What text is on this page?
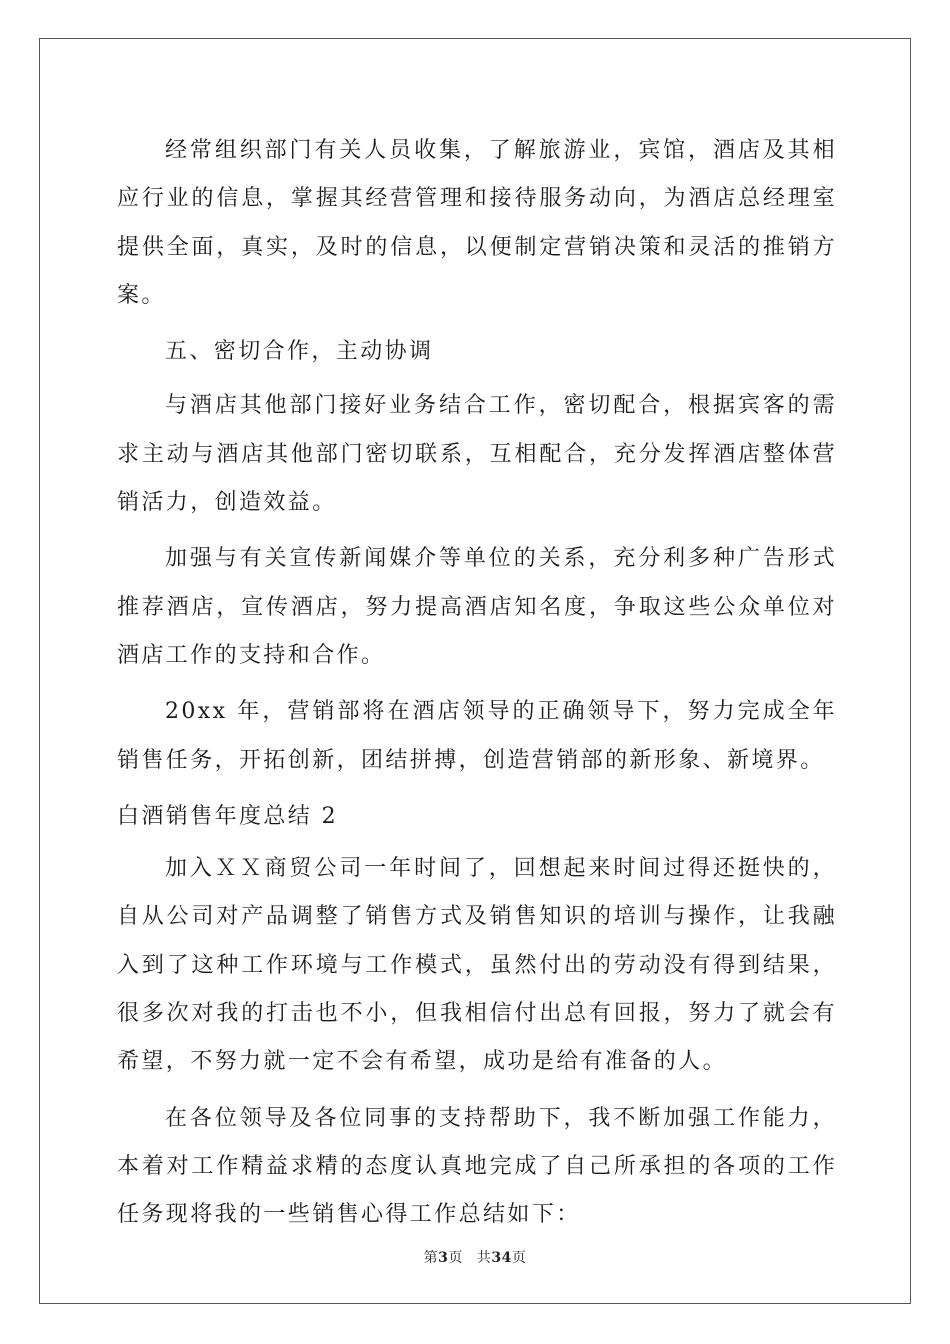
经常组织部门有关人员收集，了解旅游业，宾馆，酒店及其相应行业的信息，掌握其经营管理和接待服务动向，为酒店总经理室提供全面，真实，及时的信息，以便制定营销决策和灵活的推销方案。

五、密切合作，主动协调

与酒店其他部门接好业务结合工作，密切配合，根据宾客的需求主动与酒店其他部门密切联系，互相配合，充分发挥酒店整体营销活力，创造效益。

加强与有关宣传新闻媒介等单位的关系，充分利多种广告形式推荐酒店，宣传酒店，努力提高酒店知名度，争取这些公众单位对酒店工作的支持和合作。

20xx 年，营销部将在酒店领导的正确领导下，努力完成全年销售任务，开拓创新，团结拼搏，创造营销部的新形象、新境界。

白酒销售年度总结 2

加入ＸＸ商贸公司一年时间了，回想起来时间过得还挺快的，自从公司对产品调整了销售方式及销售知识的培训与操作，让我融入到了这种工作环境与工作模式，虽然付出的劳动没有得到结果，很多次对我的打击也不小，但我相信付出总有回报，努力了就会有希望，不努力就一定不会有希望，成功是给有准备的人。

在各位领导及各位同事的支持帮助下，我不断加强工作能力，本着对工作精益求精的态度认真地完成了自己所承担的各项的工作任务现将我的一些销售心得工作总结如下：

第3页 共34页
